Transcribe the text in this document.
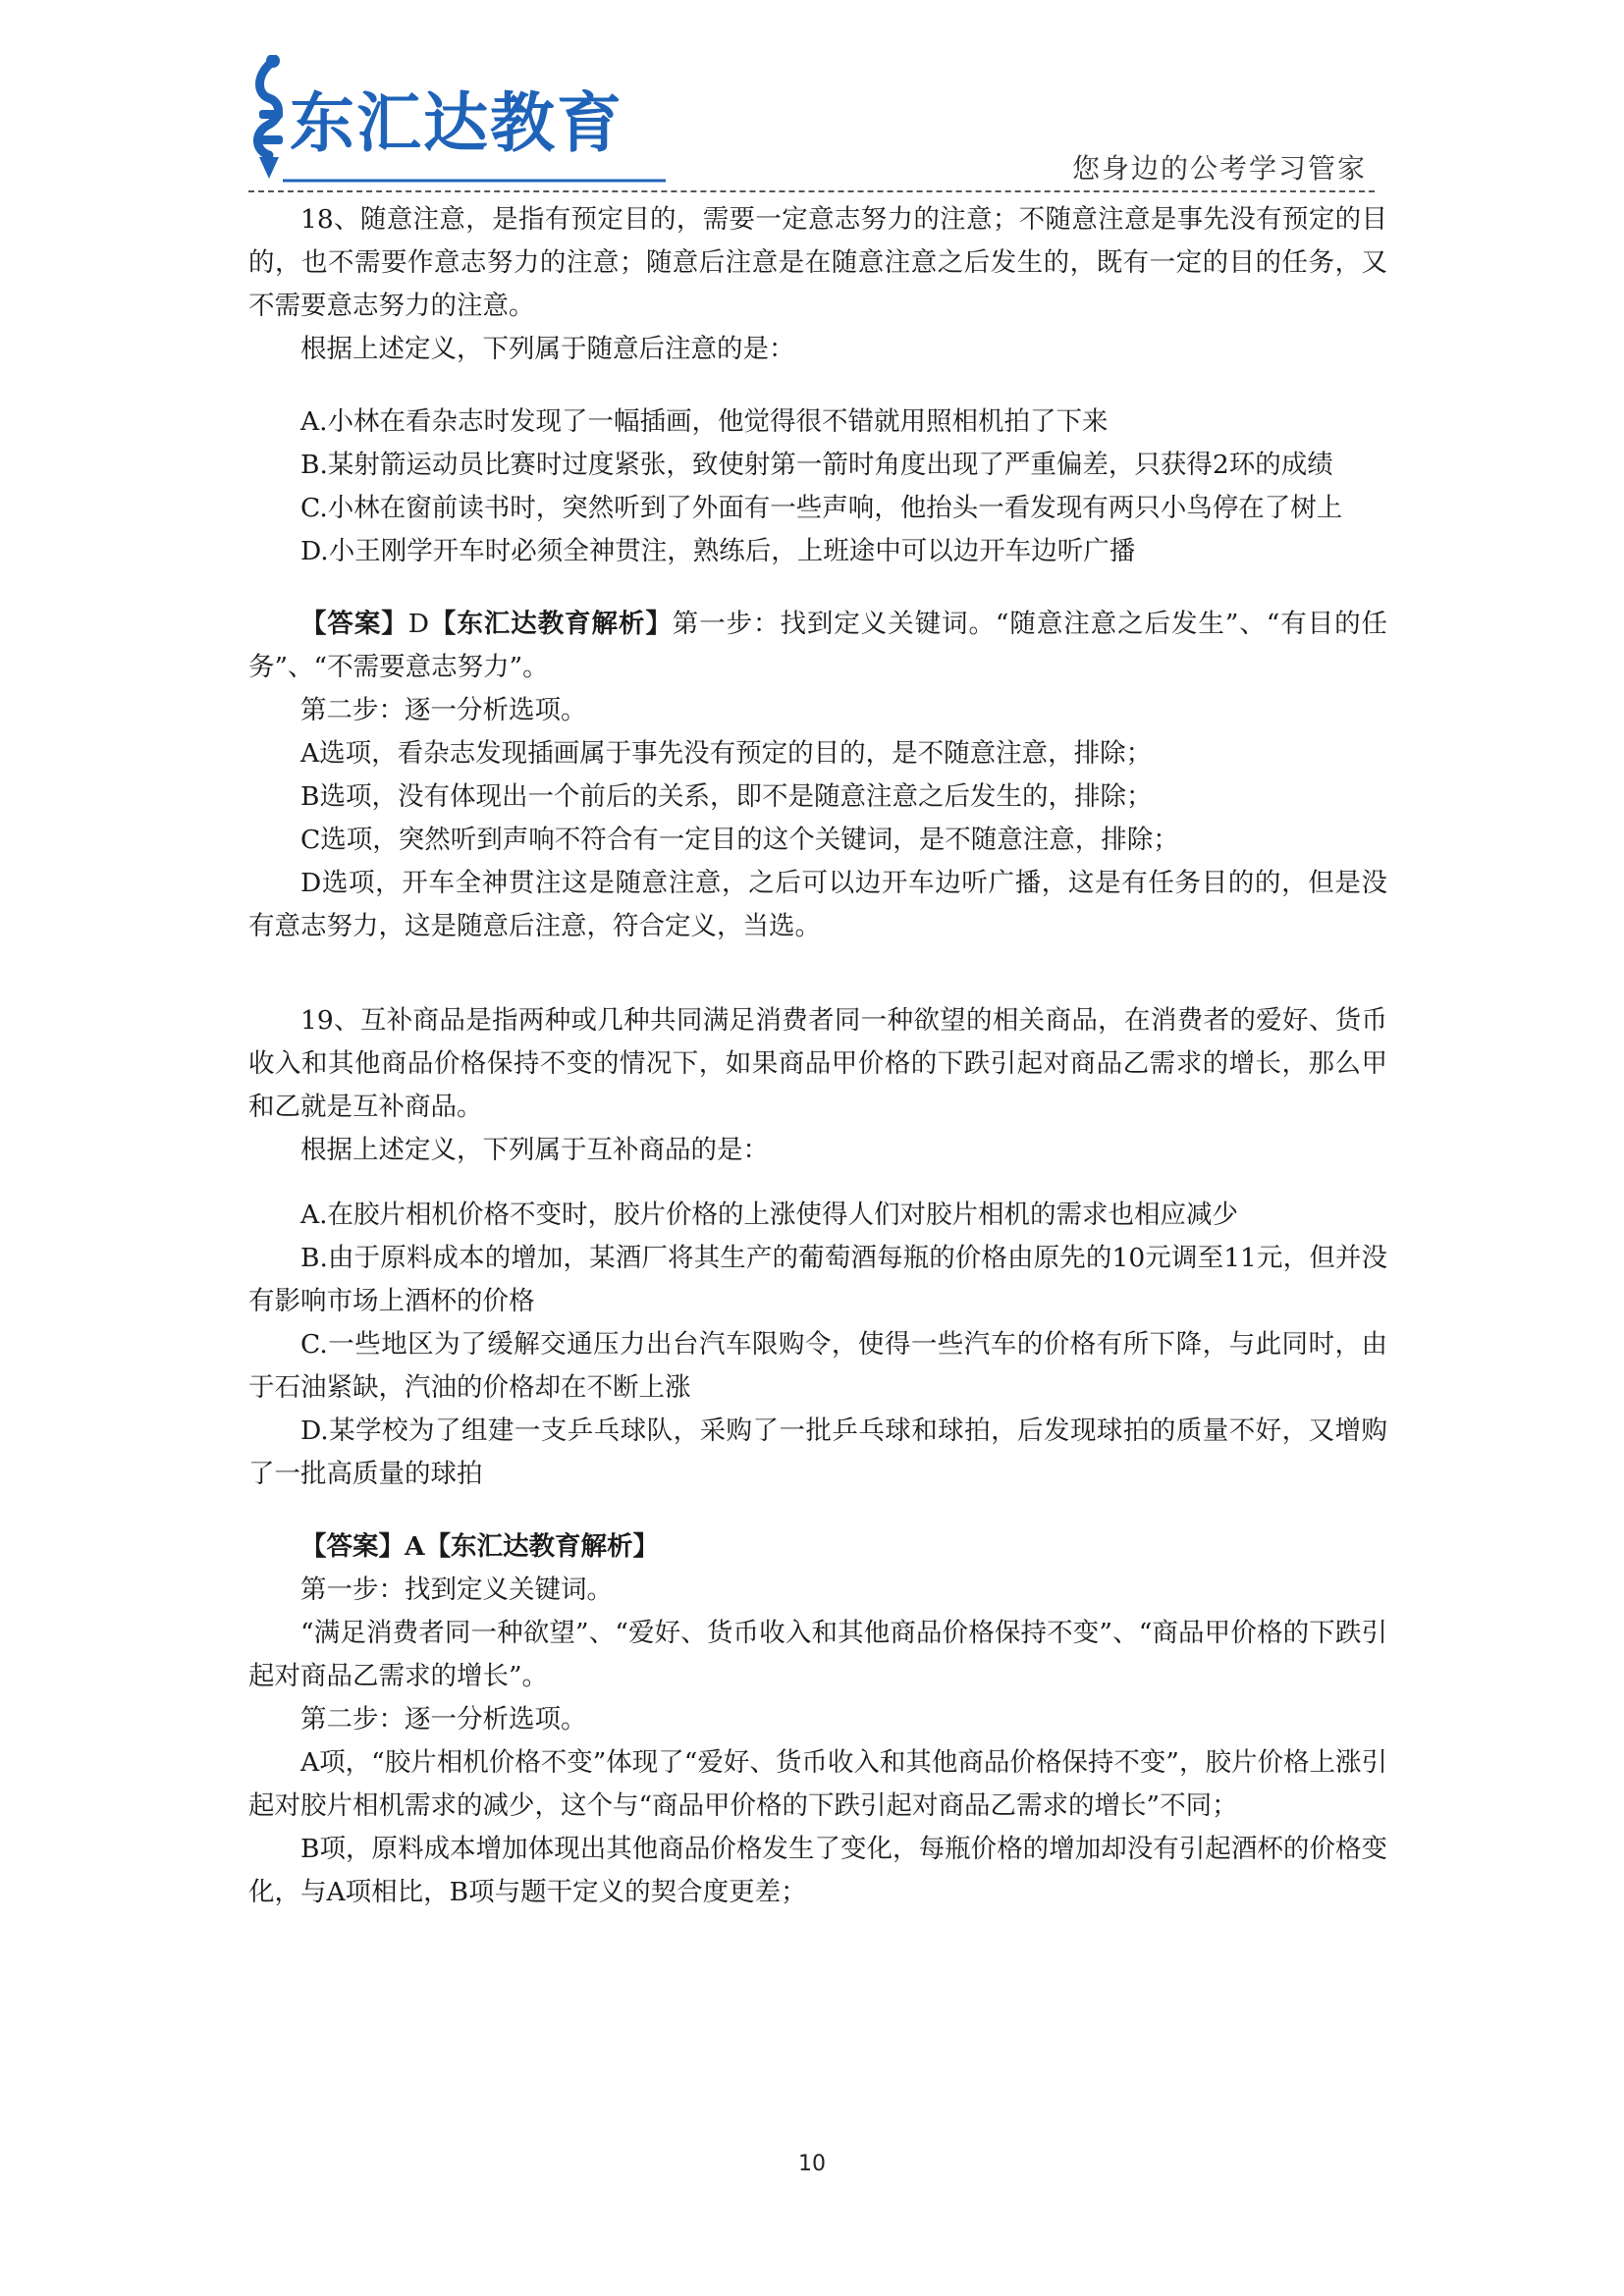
东汇达教育
您身边的公考学习管家

18、随意注意，是指有预定目的，需要一定意志努力的注意；不随意注意是事先没有预定的目的，也不需要作意志努力的注意；随意后注意是在随意注意之后发生的，既有一定的目的任务，又不需要意志努力的注意。

根据上述定义，下列属于随意后注意的是：

A.小林在看杂志时发现了一幅插画，他觉得很不错就用照相机拍了下来

B.某射箭运动员比赛时过度紧张，致使射第一箭时角度出现了严重偏差，只获得2环的成绩

C.小林在窗前读书时，突然听到了外面有一些声响，他抬头一看发现有两只小鸟停在了树上

D.小王刚学开车时必须全神贯注，熟练后，上班途中可以边开车边听广播

【答案】D【东汇达教育解析】第一步：找到定义关键词。“随意注意之后发生”、“有目的任务”、“不需要意志努力”。

第二步：逐一分析选项。

A选项，看杂志发现插画属于事先没有预定的目的，是不随意注意，排除；

B选项，没有体现出一个前后的关系，即不是随意注意之后发生的，排除；

C选项，突然听到声响不符合有一定目的这个关键词，是不随意注意，排除；

D选项，开车全神贯注这是随意注意，之后可以边开车边听广播，这是有任务目的的，但是没有意志努力，这是随意后注意，符合定义，当选。

19、互补商品是指两种或几种共同满足消费者同一种欲望的相关商品，在消费者的爱好、货币收入和其他商品价格保持不变的情况下，如果商品甲价格的下跌引起对商品乙需求的增长，那么甲和乙就是互补商品。

根据上述定义，下列属于互补商品的是：

A.在胶片相机价格不变时，胶片价格的上涨使得人们对胶片相机的需求也相应减少

B.由于原料成本的增加，某酒厂将其生产的葡萄酒每瓶的价格由原先的10元调至11元，但并没有影响市场上酒杯的价格

C.一些地区为了缓解交通压力出台汽车限购令，使得一些汽车的价格有所下降，与此同时，由于石油紧缺，汽油的价格却在不断上涨

D.某学校为了组建一支乒乓球队，采购了一批乒乓球和球拍，后发现球拍的质量不好，又增购了一批高质量的球拍

【答案】A【东汇达教育解析】

第一步：找到定义关键词。

“满足消费者同一种欲望”、“爱好、货币收入和其他商品价格保持不变”、“商品甲价格的下跌引起对商品乙需求的增长”。

第二步：逐一分析选项。

A项，“胶片相机价格不变”体现了“爱好、货币收入和其他商品价格保持不变”，胶片价格上涨引起对胶片相机需求的减少，这个与“商品甲价格的下跌引起对商品乙需求的增长”不同；

B项，原料成本增加体现出其他商品价格发生了变化，每瓶价格的增加却没有引起酒杯的价格变化，与A项相比，B项与题干定义的契合度更差；

10
